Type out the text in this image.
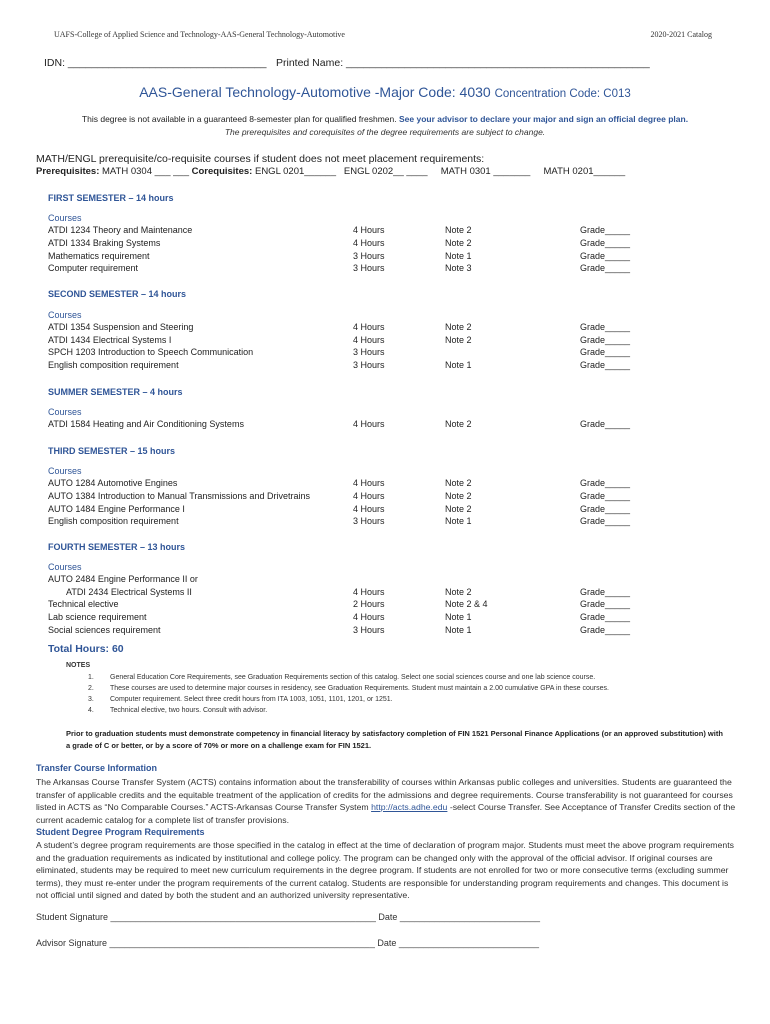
UAFS-College of Applied Science and Technology-AAS-General Technology-Automotive	2020-2021 Catalog
IDN: __________________________________ Printed Name: ____________________________________________________
AAS-General Technology-Automotive -Major Code: 4030 Concentration Code: C013
This degree is not available in a guaranteed 8-semester plan for qualified freshmen. See your advisor to declare your major and sign an official degree plan.
The prerequisites and corequisites of the degree requirements are subject to change.
MATH/ENGL prerequisite/co-requisite courses if student does not meet placement requirements:
Prerequisites: MATH 0304 ___ ___ Corequisites: ENGL 0201______   ENGL 0202__ ____     MATH 0301 _______     MATH 0201______
FIRST SEMESTER – 14 hours
Courses
ATDI 1234 Theory and Maintenance	4 Hours	Note 2	Grade_____
ATDI 1334 Braking Systems	4 Hours	Note 2	Grade_____
Mathematics requirement	3 Hours	Note 1	Grade_____
Computer requirement	3 Hours	Note 3	Grade_____
SECOND SEMESTER – 14 hours
Courses
ATDI 1354 Suspension and Steering	4 Hours	Note 2	Grade_____
ATDI 1434 Electrical Systems I	4 Hours	Note 2	Grade_____
SPCH 1203 Introduction to Speech Communication	3 Hours	Grade_____
English composition requirement	3 Hours	Note 1	Grade_____
SUMMER SEMESTER – 4 hours
Courses
ATDI 1584 Heating and Air Conditioning Systems	4 Hours	Note 2	Grade_____
THIRD SEMESTER – 15 hours
Courses
AUTO 1284 Automotive Engines	4 Hours	Note 2	Grade_____
AUTO 1384 Introduction to Manual Transmissions and Drivetrains	4 Hours	Note 2	Grade_____
AUTO 1484 Engine Performance I	4 Hours	Note 2	Grade_____
English composition requirement	3 Hours	Note 1	Grade_____
FOURTH SEMESTER – 13 hours
Courses
AUTO 2484 Engine Performance II or
ATDI 2434 Electrical Systems II	4 Hours	Note 2	Grade_____
Technical elective	2 Hours	Note 2 & 4	Grade_____
Lab science requirement	4 Hours	Note 1	Grade_____
Social sciences requirement	3 Hours	Note 1	Grade_____
Total Hours: 60
NOTES
1. General Education Core Requirements, see Graduation Requirements section of this catalog. Select one social sciences course and one lab science course.
2. These courses are used to determine major courses in residency, see Graduation Requirements. Student must maintain a 2.00 cumulative GPA in these courses.
3. Computer requirement. Select three credit hours from ITA 1003, 1051, 1101, 1201, or 1251.
4. Technical elective, two hours. Consult with advisor.
Prior to graduation students must demonstrate competency in financial literacy by satisfactory completion of FIN 1521 Personal Finance Applications (or an approved substitution) with a grade of C or better, or by a score of 70% or more on a challenge exam for FIN 1521.
Transfer Course Information
The Arkansas Course Transfer System (ACTS) contains information about the transferability of courses within Arkansas public colleges and universities. Students are guaranteed the transfer of applicable credits and the equitable treatment of the application of credits for the admissions and degree requirements. Course transferability is not guaranteed for courses listed in ACTS as “No Comparable Courses.” ACTS-Arkansas Course Transfer System http://acts.adhe.edu -select Course Transfer. See Acceptance of Transfer Credits section of the current academic catalog for a complete list of transfer provisions.
Student Degree Program Requirements
A student’s degree program requirements are those specified in the catalog in effect at the time of declaration of program major. Students must meet the above program requirements and the graduation requirements as indicated by institutional and college policy. The program can be changed only with the approval of the official advisor. If original courses are eliminated, students may be required to meet new curriculum requirements in the degree program. If students are not enrolled for two or more consecutive terms (excluding summer terms), they must re-enter under the program requirements of the current catalog. Students are responsible for understanding program requirements and changes. This document is not official until signed and dated by both the student and an authorized university representative.
Student Signature _____________________________________________________ Date ____________________________
Advisor Signature _____________________________________________________ Date ____________________________
